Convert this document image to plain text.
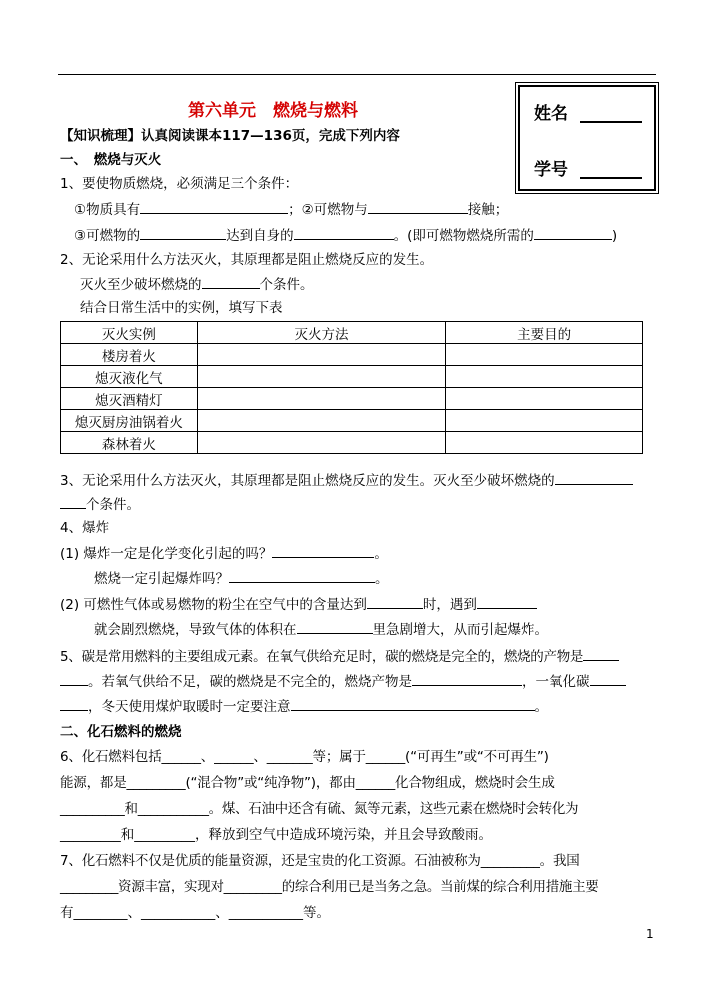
第六单元　燃烧与燃料	姓名
学号
【知识梳理】认真阅读课本117—136页，完成下列内容
一、　燃烧与灭火
1、要使物质燃烧，必须满足三个条件：
①物质具有	；②可燃物与	接触；
③可燃物的	达到自身的	。(即可燃物燃烧所需的	)
2、无论采用什么方法灭火，其原理都是阻止燃烧反应的发生。
灭火至少破坏燃烧的	个条件。
结合日常生活中的实例，填写下表
灭火实例	灭火方法	主要目的
楼房着火		
熄灭液化气		
熄灭酒精灯		
熄灭厨房油锅着火		
森林着火		
3、无论采用什么方法灭火，其原理都是阻止燃烧反应的发生。灭火至少破坏燃烧的
个条件。
4、爆炸
(1) 爆炸一定是化学变化引起的吗？	。
燃烧一定引起爆炸吗？	。
(2) 可燃性气体或易燃物的粉尘在空气中的含量达到	时，遇到
就会剧烈燃烧，导致气体的体积在	里急剧增大，从而引起爆炸。
5、碳是常用燃料的主要组成元素。在氧气供给充足时，碳的燃烧是完全的，燃烧的产物是
。若氧气供给不足，碳的燃烧是不完全的，燃烧产物是	，一氧化碳
，冬天使用煤炉取暖时一定要注意	。
二、化石燃料的燃烧
6、化石燃料包括______、______、_______等；属于______(“可再生”或“不可再生”)
能源，都是_________(“混合物”或“纯净物”)，都由______化合物组成，燃烧时会生成
__________和___________。煤、石油中还含有硫、氮等元素，这些元素在燃烧时会转化为
_________和_________，释放到空气中造成环境污染，并且会导致酸雨。
7、化石燃料不仅是优质的能量资源，还是宝贵的化工资源。石油被称为_________。我国
_________资源丰富，实现对_________的综合利用已是当务之急。当前煤的综合利用措施主要
有________、___________、___________等。
1
